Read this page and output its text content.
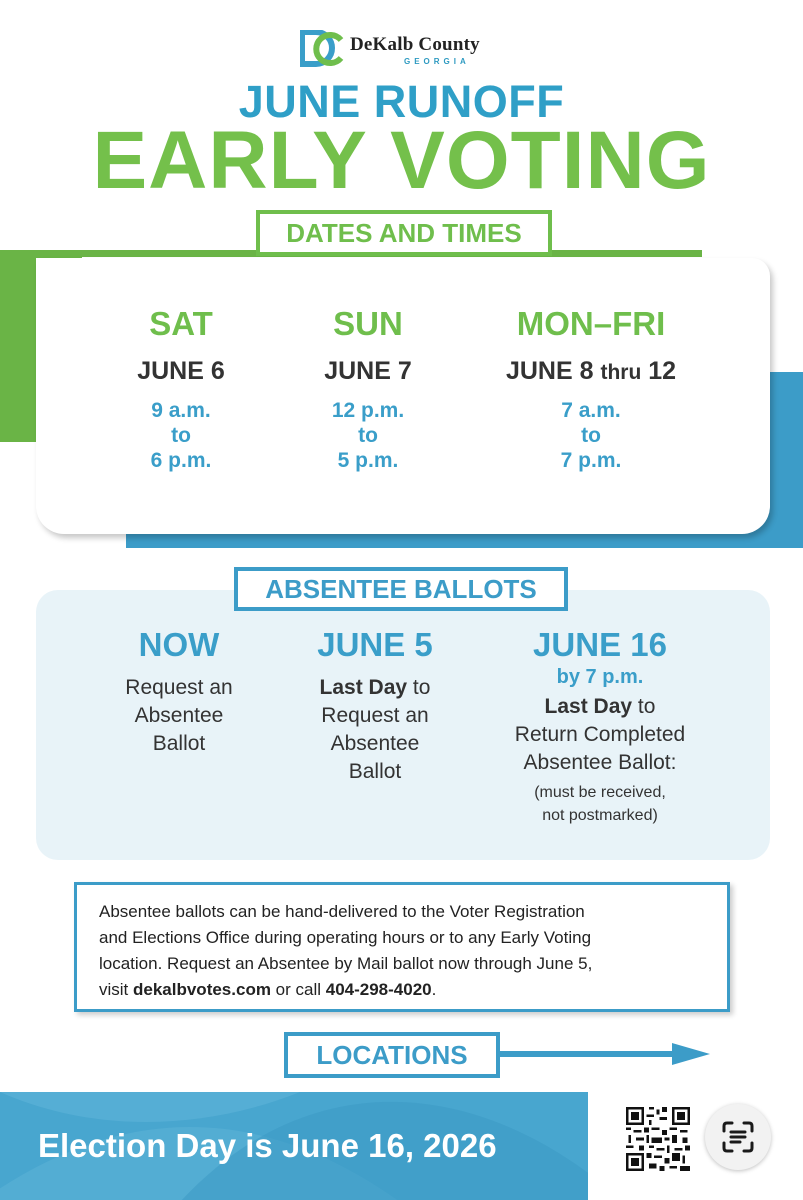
DeKalb County
GEORGIA
JUNE RUNOFF
EARLY VOTING
DATES AND TIMES
SAT
JUNE 6
9 a.m.
to
6 p.m.
SUN
JUNE 7
12 p.m.
to
5 p.m.
MON–FRI
JUNE 8 thru 12
7 a.m.
to
7 p.m.
ABSENTEE BALLOTS
NOW
Request an
Absentee
Ballot
JUNE 5
Last Day to
Request an
Absentee
Ballot
JUNE 16
by 7 p.m.
Last Day to
Return Completed
Absentee Ballot:
(must be received,
not postmarked)
Absentee ballots can be hand-delivered to the Voter Registration
and Elections Office during operating hours or to any Early Voting
location. Request an Absentee by Mail ballot now through June 5,
visit dekalbvotes.com or call 404-298-4020.
LOCATIONS
Election Day is June 16, 2026
